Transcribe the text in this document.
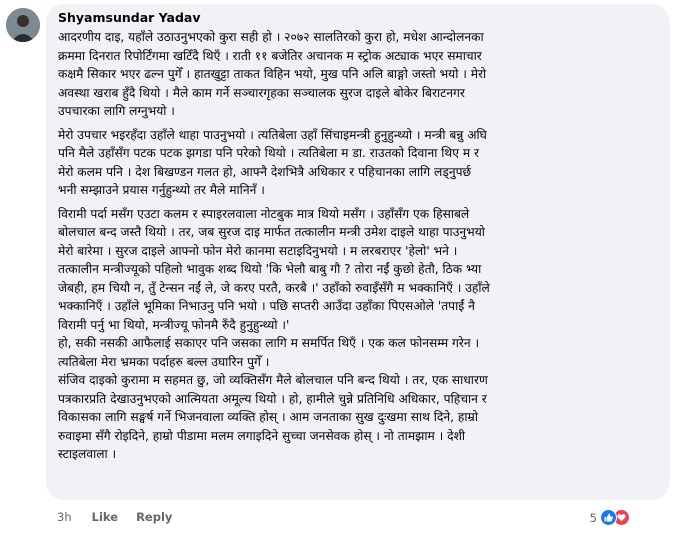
Shyamsundar Yadav
आदरणीय दाइ, यहाँले उठाउनुभएको कुरा सही हो । २०७२ सालतिरको कुरा हो, मधेश आन्दोलनका
क्रममा दिनरात रिपोर्टिंगमा खटिँदै थिएँ । राती ११ बजेतिर अचानक म स्ट्रोक अट्याक भएर समाचार
कक्षमै सिकार भएर ढल्न पुगेँ । हातखुट्टा ताकत विहिन भयो, मुख पनि अलि बाङ्गो जस्तो भयो । मेरो
अवस्था खराब हुँदै थियो । मैले काम गर्ने सञ्चारगृहका सञ्चालक सुरज दाइले बोकेर बिराटनगर
उपचारका लागि लग्नुभयो ।
मेरो उपचार भइरहँदा उहाँले थाहा पाउनुभयो । त्यतिबेला उहाँ सिंचाइमन्त्री हुनुहुन्थ्यो । मन्त्री बन्नु अघि
पनि मैले उहाँसँग पटक पटक झगडा पनि परेको थियो । त्यतिबेला म डा. राउतको दिवाना थिए म र
मेरो कलम पनि । देश बिखण्डन गलत हो, आफ्नै देशभित्रै अधिकार र पहिचानका लागि लड्नुपर्छ
भनी सम्झाउने प्रयास गर्नुहुन्थ्यो तर मैले मानिनँ ।
विरामी पर्दा मसँग एउटा कलम र स्पाइरलवाला नोटबुक मात्र थियो मसँग । उहाँसँग एक हिसाबले
बोलचाल बन्द जस्तै थियो । तर, जब सुरज दाइ मार्फत तत्कालीन मन्त्री उमेश दाइले थाहा पाउनुभयो
मेरो बारेमा । सुरज दाइले आफ्नो फोन मेरो कानमा सटाइदिनुभयो । म लरबराएर 'हेलो' भने ।
तत्कालीन मन्त्रीज्यूको पहिलो भावुक शब्द थियो 'कि भेलौ बाबु गौ ? तोरा नईं कुछो हेतौ, ठिक भ्या
जेबही, हम चियौ न, तुँ टेन्सन नईं ले, जे करए परतै, करबै ।' उहाँको रुवाइँसँगै म भक्कानिएँ । उहाँले
भक्कानिएँ । उहाँले भूमिका निभाउनु पनि भयो । पछि सप्तरी आउँदा उहाँका पिएसओले 'तपाईं नै
विरामी पर्नु भा थियो, मन्त्रीज्यू फोनमै रुँदै हुनुहुन्थ्यो ।'
हो, सकी नसकी आफैलाई सकाएर पनि जसका लागि म समर्पित थिएँ । एक कल फोनसम्म गरेन ।
त्यतिबेला मेरा भ्रमका पर्दाहरु बल्ल उघारिन पुगेँ ।
संजिव दाइको कुरामा म सहमत छु, जो व्यक्तिसँग मैले बोलचाल पनि बन्द थियो । तर, एक साधारण
पत्रकारप्रति देखाउनुभएको आत्मियता अमूल्य थियो । हो, हामीले चुन्ने प्रतिनिधि अधिकार, पहिचान र
विकासका लागि सङ्घर्ष गर्ने भिजनवाला व्यक्ति होस् । आम जनताका सुख दुःखमा साथ दिने, हाम्रो
रुवाइमा सँगै रोइदिने, हाम्रो पीडामा मलम लगाइदिने सुच्चा जनसेवक होस् । नो तामझाम । देशी
स्टाइलवाला ।
3h Like Reply	5
